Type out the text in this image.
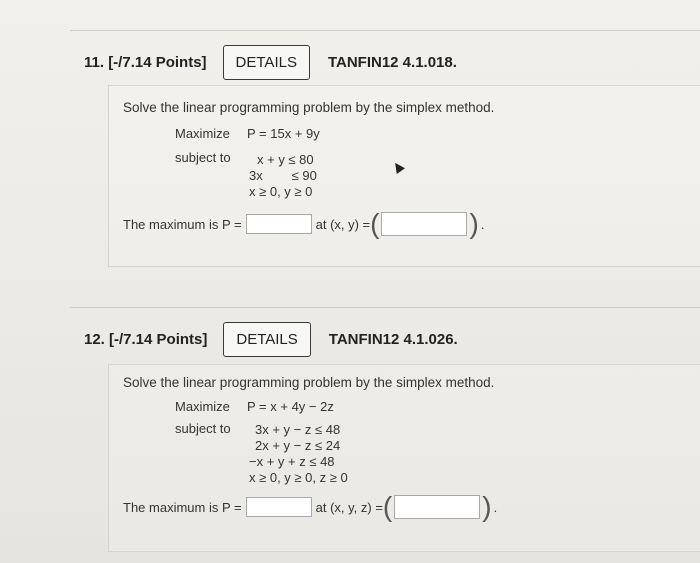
11. [-/7.14 Points]	DETAILS	TANFIN12 4.1.018.
Solve the linear programming problem by the simplex method.
Maximize P = 15x + 9y
subject to x + y ≤ 80
3x        ≤ 90
x ≥ 0, y ≥ 0
The maximum is P =	at (x, y) = (	) .
12. [-/7.14 Points]	DETAILS	TANFIN12 4.1.026.
Solve the linear programming problem by the simplex method.
Maximize P = x + 4y − 2z
subject to 3x + y − z ≤ 48
2x + y − z ≤ 24
−x + y + z ≤ 48
x ≥ 0, y ≥ 0, z ≥ 0
The maximum is P =	at (x, y, z) = (	) .
